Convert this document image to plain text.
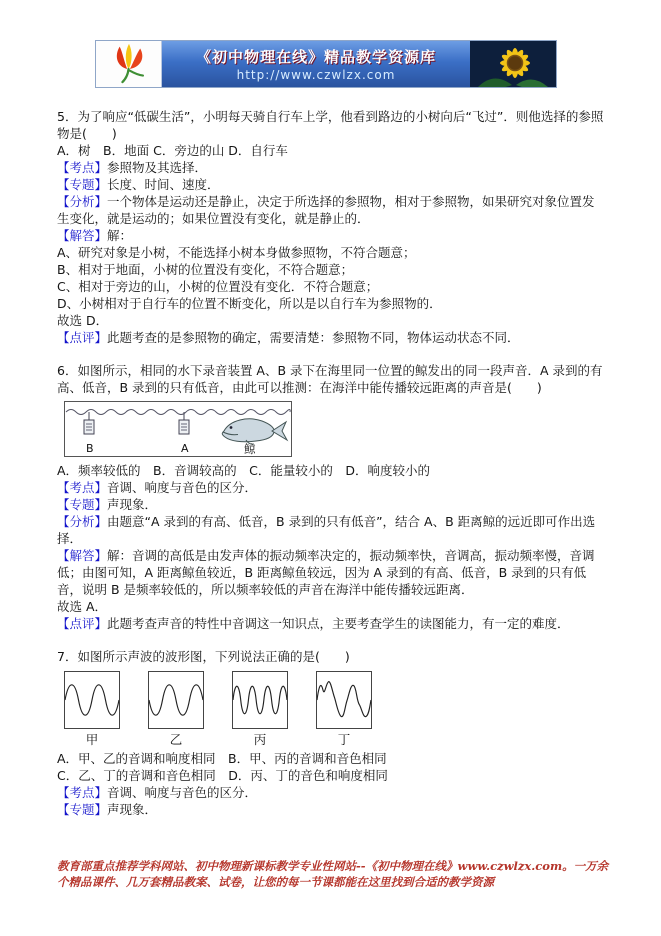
《初中物理在线》精品教学资源库
http://www.czwlzx.com

5．为了响应“低碳生活”，小明每天骑自行车上学，他看到路边的小树向后“飞过”．则他选择的参照物是(　　)

A．树　B．地面 C．旁边的山 D．自行车

【考点】参照物及其选择．

【专题】长度、时间、速度．

【分析】一个物体是运动还是静止，决定于所选择的参照物，相对于参照物，如果研究对象位置发生变化，就是运动的；如果位置没有变化，就是静止的．

【解答】解：

A、研究对象是小树，不能选择小树本身做参照物，不符合题意；

B、相对于地面，小树的位置没有变化，不符合题意；

C、相对于旁边的山，小树的位置没有变化．不符合题意；

D、小树相对于自行车的位置不断变化，所以是以自行车为参照物的．

故选 D．

【点评】此题考查的是参照物的确定，需要清楚：参照物不同，物体运动状态不同．

6．如图所示，相同的水下录音装置 A、B 录下在海里同一位置的鲸发出的同一段声音．A 录到的有高、低音，B 录到的只有低音，由此可以推测：在海洋中能传播较远距离的声音是(　　)

B	A	鲸

A．频率较低的　B．音调较高的　C．能量较小的　D．响度较小的

【考点】音调、响度与音色的区分．

【专题】声现象．

【分析】由题意“A 录到的有高、低音，B 录到的只有低音”，结合 A、B 距离鲸的远近即可作出选择．

【解答】解：音调的高低是由发声体的振动频率决定的，振动频率快，音调高，振动频率慢，音调低；由图可知，A 距离鲸鱼较近，B 距离鲸鱼较远，因为 A 录到的有高、低音，B 录到的只有低音，说明 B 是频率较低的，所以频率较低的声音在海洋中能传播较远距离．

故选 A．

【点评】此题考查声音的特性中音调这一知识点，主要考查学生的读图能力，有一定的难度．

7．如图所示声波的波形图，下列说法正确的是(　　)

甲	乙	丙	丁

A．甲、乙的音调和响度相同　B．甲、丙的音调和音色相同

C．乙、丁的音调和音色相同　D．丙、丁的音色和响度相同

【考点】音调、响度与音色的区分．

【专题】声现象．

教育部重点推荐学科网站、初中物理新课标教学专业性网站--《初中物理在线》www.czwlzx.com。一万余个精品课件、几万套精品教案、试卷，让您的每一节课都能在这里找到合适的教学资源
